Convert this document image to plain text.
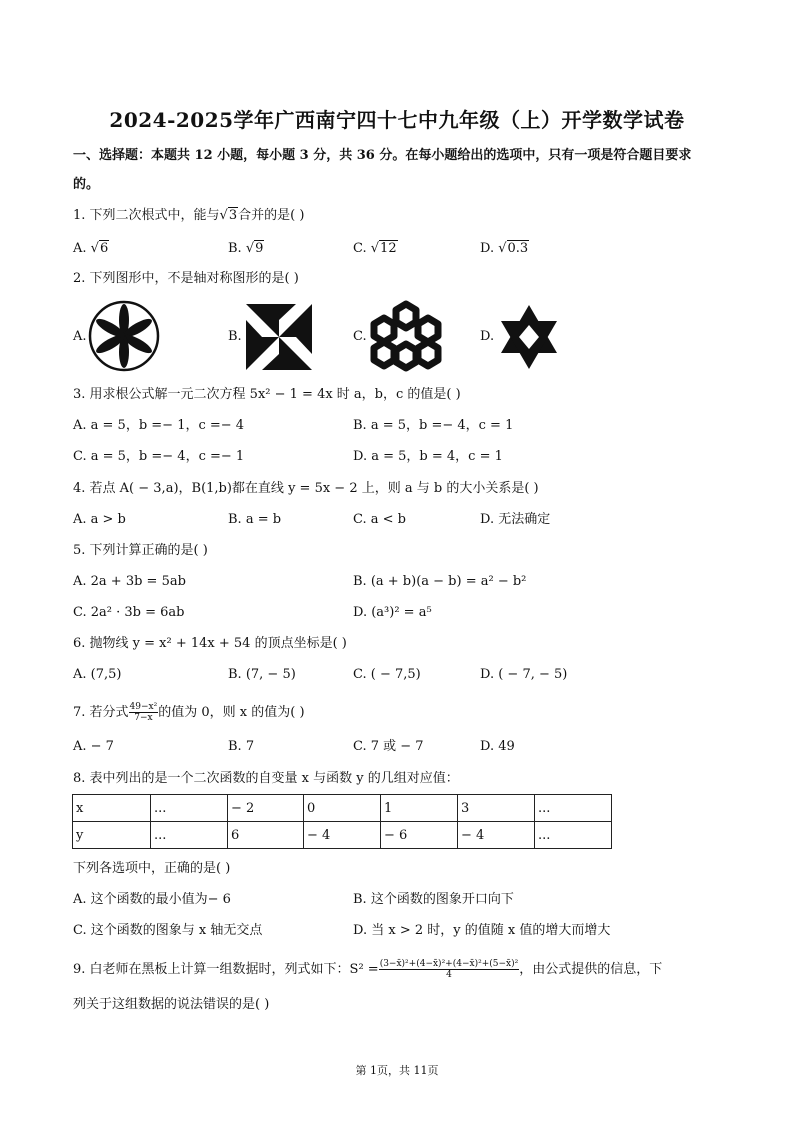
2024-2025学年广西南宁四十七中九年级（上）开学数学试卷
一、选择题：本题共 12 小题，每小题 3 分，共 36 分。在每小题给出的选项中，只有一项是符合题目要求
的。
1. 下列二次根式中，能与√3合并的是( )
A. √6	B. √9	C. √12	D. √0.3
2. 下列图形中，不是轴对称图形的是( )
A.	B.	C.	D.
3. 用求根公式解一元二次方程 5x² − 1 = 4x 时 a，b，c 的值是( )
A. a = 5，b =− 1，c =− 4	B. a = 5，b =− 4，c = 1
C. a = 5，b =− 4，c =− 1	D. a = 5，b = 4，c = 1
4. 若点 A( − 3,a)，B(1,b)都在直线 y = 5x − 2 上，则 a 与 b 的大小关系是( )
A. a > b	B. a = b	C. a < b	D. 无法确定
5. 下列计算正确的是( )
A. 2a + 3b = 5ab	B. (a + b)(a − b) = a² − b²
C. 2a² · 3b = 6ab	D. (a³)² = a⁵
6. 抛物线 y = x² + 14x + 54 的顶点坐标是( )
A. (7,5)	B. (7, − 5)	C. ( − 7,5)	D. ( − 7, − 5)
7. 若分式 $\frac{\text{49−x²}}{7-x}$ 的值为 0，则 x 的值为( )
A. − 7	B. 7	C. 7 或 − 7	D. 49
8. 表中列出的是一个二次函数的自变量 x 与函数 y 的几组对应值：
x	...	− 2	0	1	3	...
y	...	6	− 4	− 6	− 4	...
下列各选项中，正确的是( )
A. 这个函数的最小值为− 6	B. 这个函数的图象开口向下
C. 这个函数的图象与 x 轴无交点	D. 当 x > 2 时，y 的值随 x 值的增大而增大
9. 白老师在黑板上计算一组数据时，列式如下：$S^2 = \frac{\text{(3−x̄)²+(4−x̄)²+(4−x̄)²+(5−x̄)²}}{4}$ ，由公式提供的信息，下
列关于这组数据的说法错误的是( )
第 1页，共 11页
